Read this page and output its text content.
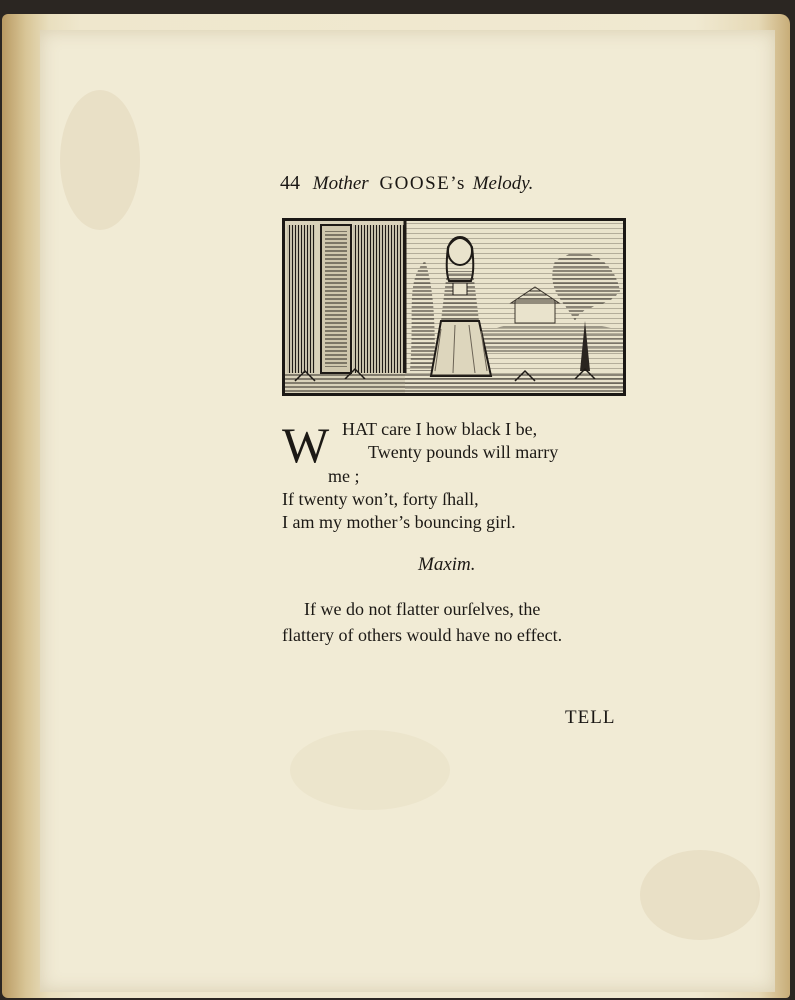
44 Mother GOOSE’s Melody.
W HAT care I how black I be,
Twenty pounds will marry
me ;
If twenty won’t, forty ſhall,
I am my mother’s bouncing girl.
Maxim.
If we do not flatter ourſelves, the
flattery of others would have no effect.
TELL
